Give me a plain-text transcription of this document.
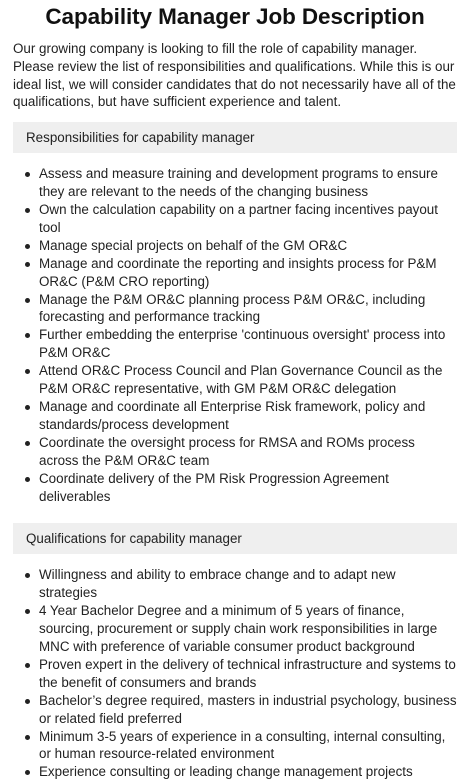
Capability Manager Job Description

Our growing company is looking to fill the role of capability manager. Please review the list of responsibilities and qualifications. While this is our ideal list, we will consider candidates that do not necessarily have all of the qualifications, but have sufficient experience and talent.

Responsibilities for capability manager
Assess and measure training and development programs to ensure they are relevant to the needs of the changing business
Own the calculation capability on a partner facing incentives payout tool
Manage special projects on behalf of the GM OR&C
Manage and coordinate the reporting and insights process for P&M OR&C (P&M CRO reporting)
Manage the P&M OR&C planning process P&M OR&C, including forecasting and performance tracking
Further embedding the enterprise 'continuous oversight' process into P&M OR&C
Attend OR&C Process Council and Plan Governance Council as the P&M OR&C representative, with GM P&M OR&C delegation
Manage and coordinate all Enterprise Risk framework, policy and standards/process development
Coordinate the oversight process for RMSA and ROMs process across the P&M OR&C team
Coordinate delivery of the PM Risk Progression Agreement deliverables
Qualifications for capability manager
Willingness and ability to embrace change and to adapt new strategies
4 Year Bachelor Degree and a minimum of 5 years of finance, sourcing, procurement or supply chain work responsibilities in large MNC with preference of variable consumer product background
Proven expert in the delivery of technical infrastructure and systems to the benefit of consumers and brands
Bachelor’s degree required, masters in industrial psychology, business or related field preferred
Minimum 3-5 years of experience in a consulting, internal consulting, or human resource-related environment
Experience consulting or leading change management projects
